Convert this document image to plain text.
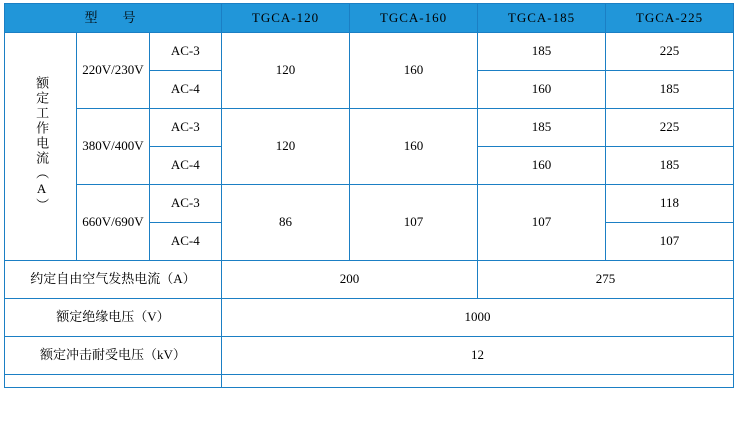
型　号			TGCA-120	TGCA-160	TGCA-185	TGCA-225
额定工作电流（A）	220V/230V	AC-3	120	160	185	225
		AC-4			160	185
	380V/400V	AC-3	120	160	185	225
		AC-4			160	185
	660V/690V	AC-3	86	107	107	118
		AC-4				107
约定自由空气发热电流（A）			200		275	
额定绝缘电压（V）			1000			
额定冲击耐受电压（kV）			12			
